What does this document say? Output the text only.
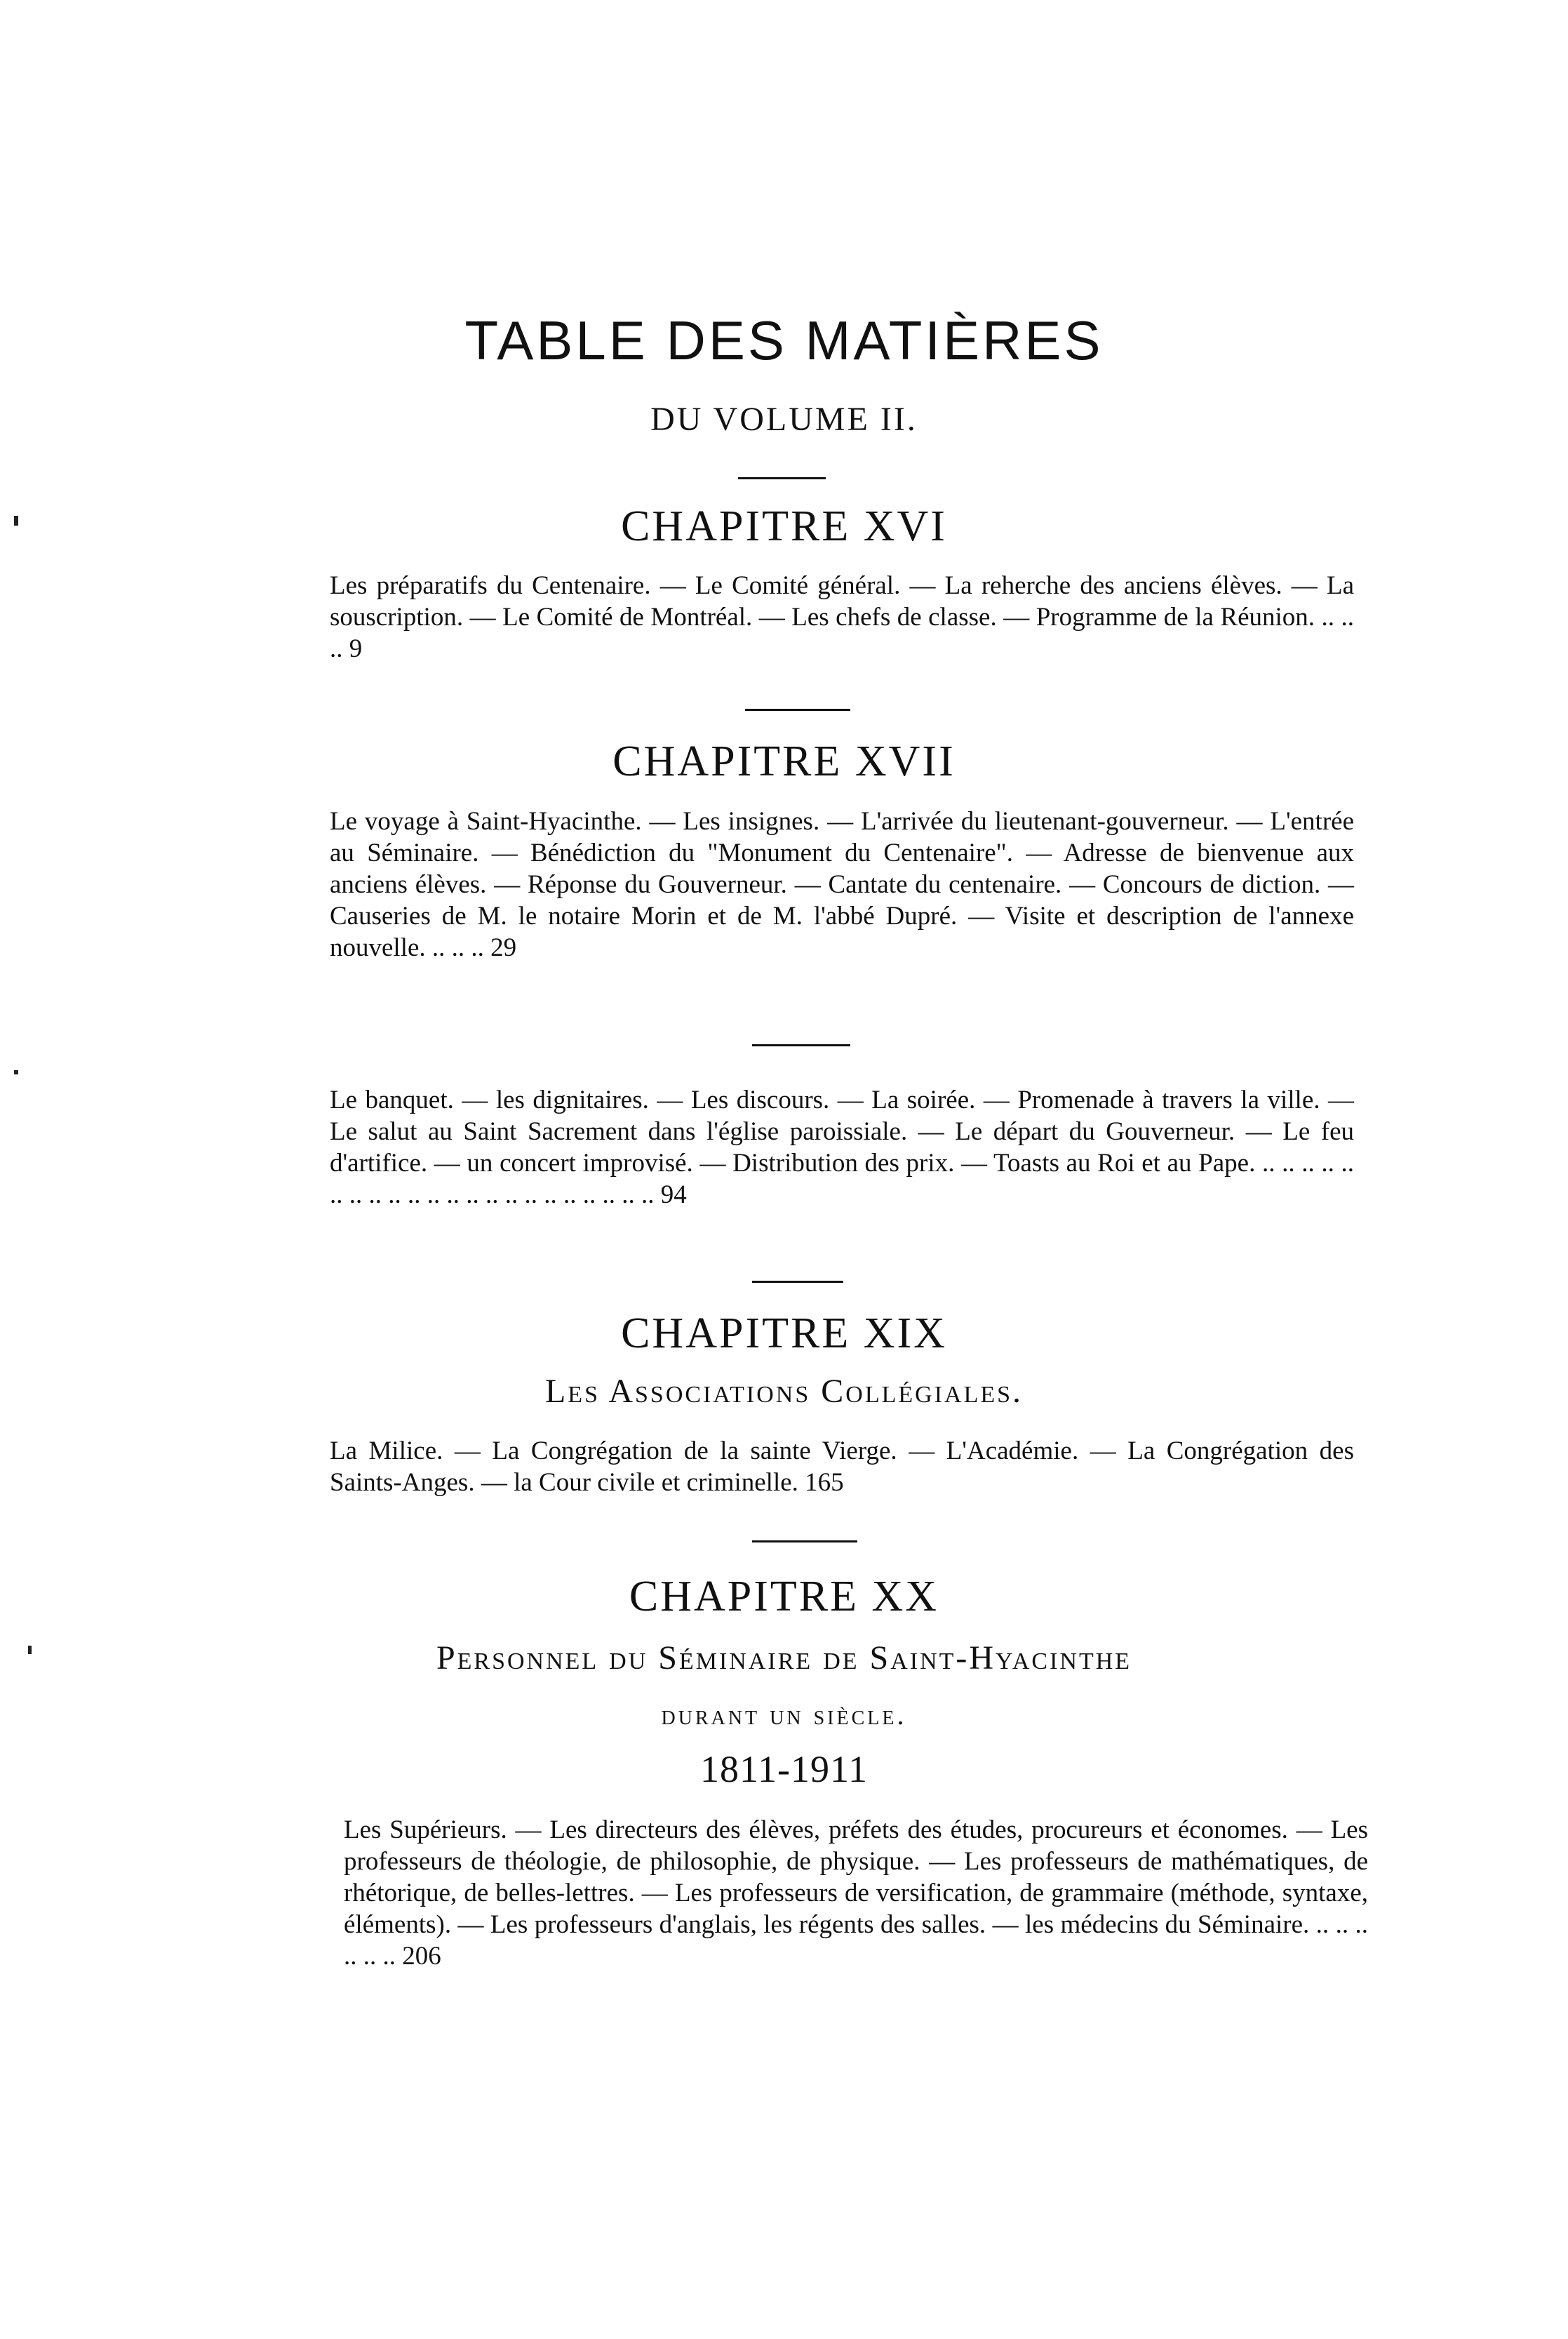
TABLE DES MATIÈRES
DU VOLUME II.
CHAPITRE XVI

Les préparatifs du Centenaire. — Le Comité général. — La reherche des anciens élèves. — La souscription. — Le Comité de Montréal. — Les chefs de classe. — Programme de la Réunion. .. .. .. 9

CHAPITRE XVII

Le voyage à Saint-Hyacinthe. — Les insignes. — L'arrivée du lieutenant-gouverneur. — L'entrée au Séminaire. — Bénédiction du "Monument du Centenaire". — Adresse de bienvenue aux anciens élèves. — Réponse du Gouverneur. — Cantate du centenaire. — Concours de diction. — Causeries de M. le notaire Morin et de M. l'abbé Dupré. — Visite et description de l'annexe nouvelle. .. .. .. 29

Le banquet. — les dignitaires. — Les discours. — La soirée. — Promenade à travers la ville. — Le salut au Saint Sacrement dans l'église paroissiale. — Le départ du Gouverneur. — Le feu d'artifice. — un concert improvisé. — Distribution des prix. — Toasts au Roi et au Pape. .. .. .. .. .. .. .. .. .. .. .. .. .. .. .. .. .. .. .. .. .. .. 94

CHAPITRE XIX
Les Associations Collégiales.

La Milice. — La Congrégation de la sainte Vierge. — L'Académie. — La Congrégation des Saints-Anges. — la Cour civile et criminelle. 165

CHAPITRE XX
Personnel du Séminaire de Saint-Hyacinthe
durant un siècle.
1811-1911

Les Supérieurs. — Les directeurs des élèves, préfets des études, procureurs et économes. — Les professeurs de théologie, de philosophie, de physique. — Les professeurs de mathématiques, de rhétorique, de belles-lettres. — Les professeurs de versification, de grammaire (méthode, syntaxe, éléments). — Les professeurs d'anglais, les régents des salles. — les médecins du Séminaire. .. .. .. .. .. .. 206
